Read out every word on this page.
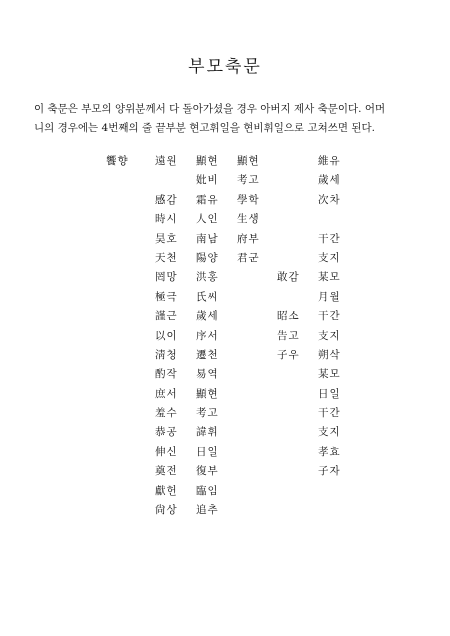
부모축문
이 축문은 부모의 양위분께서 다 돌아가셨을 경우 아버지 제사 축문이다. 어머
니의 경우에는 4번째의 줄 끝부분 현고휘일을 현비휘일으로 고쳐쓰면 된다.
饗향	遠원
感감
時시
昊호
天천
罔망
極극
謹근
以이
淸청
酌작
庶서
羞수
恭공
伸신
奠전
獻헌
尙상
顯현
妣비
霜유
人인
南남
陽양
洪홍
氏씨
歲세
序서
遷천
易역
顯현
考고
諱휘
日일
復부
臨임
追추
顯현
考고
學학
生생
府부
君군
敢감
昭소
告고
子우
維유
歲세
次차
干간
支지
某모
月월
干간
支지
朔삭
某모
日일
干간
支지
孝효
子자
